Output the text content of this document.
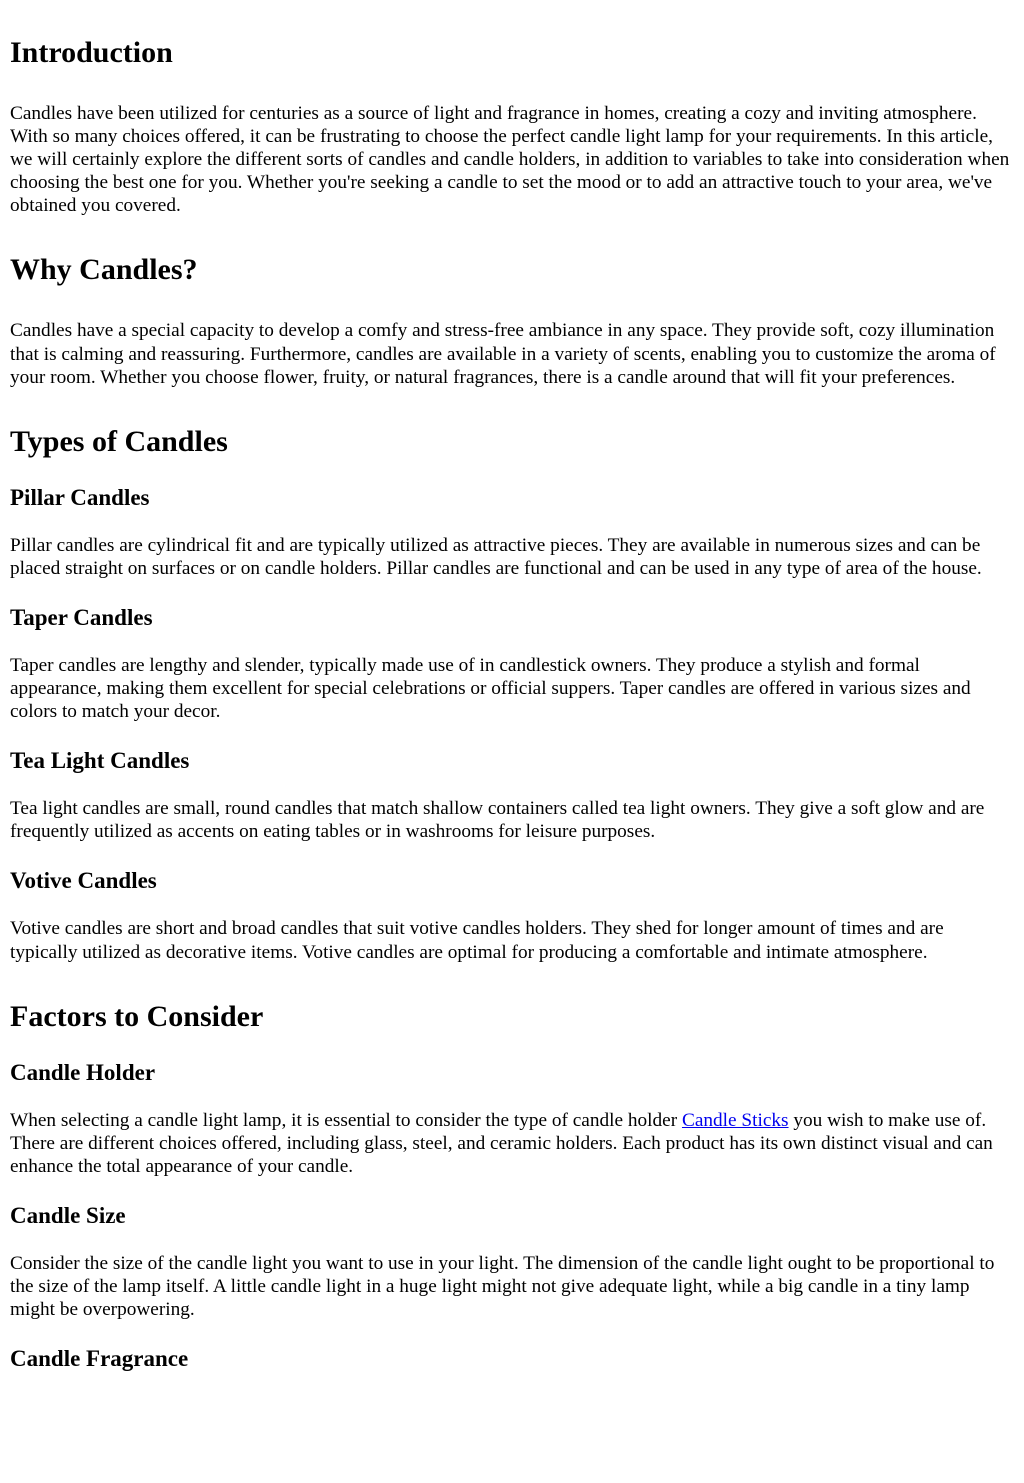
Introduction

Candles have been utilized for centuries as a source of light and fragrance in homes, creating a cozy and inviting atmosphere. With so many choices offered, it can be frustrating to choose the perfect candle light lamp for your requirements. In this article, we will certainly explore the different sorts of candles and candle holders, in addition to variables to take into consideration when choosing the best one for you. Whether you're seeking a candle to set the mood or to add an attractive touch to your area, we've obtained you covered.

Why Candles?

Candles have a special capacity to develop a comfy and stress-free ambiance in any space. They provide soft, cozy illumination that is calming and reassuring. Furthermore, candles are available in a variety of scents, enabling you to customize the aroma of your room. Whether you choose flower, fruity, or natural fragrances, there is a candle around that will fit your preferences.

Types of Candles
Pillar Candles

Pillar candles are cylindrical fit and are typically utilized as attractive pieces. They are available in numerous sizes and can be placed straight on surfaces or on candle holders. Pillar candles are functional and can be used in any type of area of the house.

Taper Candles

Taper candles are lengthy and slender, typically made use of in candlestick owners. They produce a stylish and formal appearance, making them excellent for special celebrations or official suppers. Taper candles are offered in various sizes and colors to match your decor.

Tea Light Candles

Tea light candles are small, round candles that match shallow containers called tea light owners. They give a soft glow and are frequently utilized as accents on eating tables or in washrooms for leisure purposes.

Votive Candles

Votive candles are short and broad candles that suit votive candles holders. They shed for longer amount of times and are typically utilized as decorative items. Votive candles are optimal for producing a comfortable and intimate atmosphere.

Factors to Consider
Candle Holder

When selecting a candle light lamp, it is essential to consider the type of candle holder Candle Sticks you wish to make use of. There are different choices offered, including glass, steel, and ceramic holders. Each product has its own distinct visual and can enhance the total appearance of your candle.

Candle Size

Consider the size of the candle light you want to use in your light. The dimension of the candle light ought to be proportional to the size of the lamp itself. A little candle light in a huge light might not give adequate light, while a big candle in a tiny lamp might be overpowering.

Candle Fragrance
